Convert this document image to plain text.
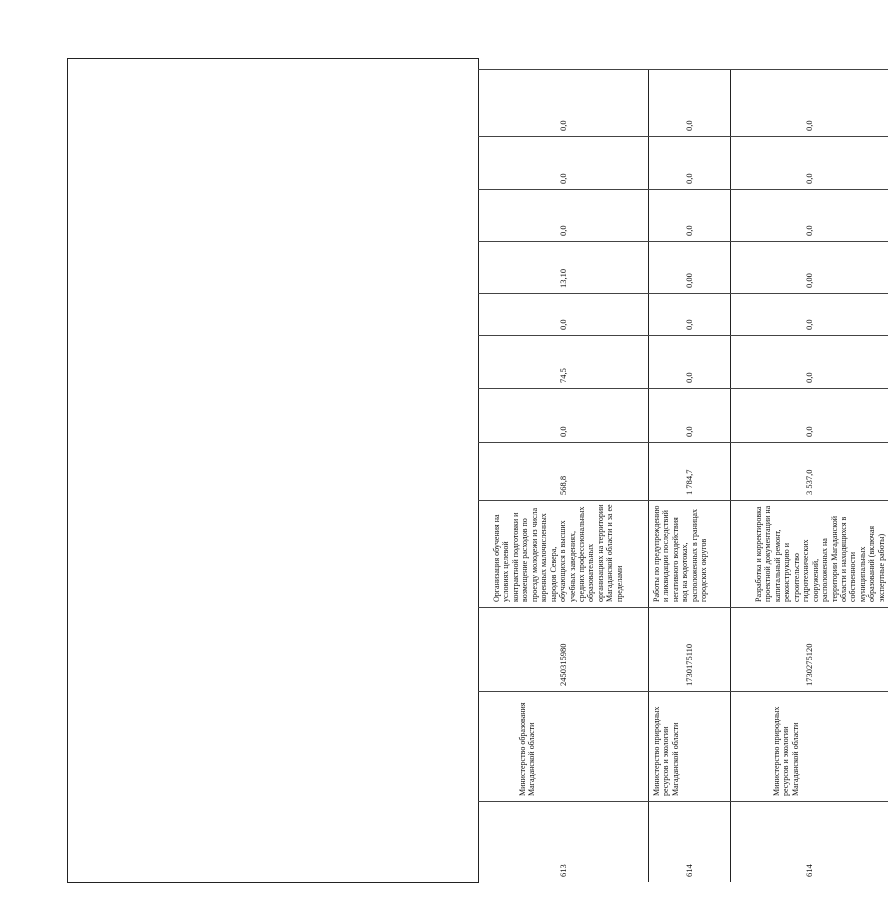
613
Министерство образования Магаданской области
2450315980
Организация обучения на условиях целевой контрактной подготовки и возмещение расходов по проезду молодежи из числа коренных малочисленных народов Севера, обучающихся в высших учебных заведениях, средних профессиональных образовательных организациях на территории Магаданской области и за ее пределами
568,8
0,0
74,5
0,0
13,10
0,0
0,0
0,0
614
Министерство природных ресурсов и экологии Магаданской области
1730175110
Работы по предупреждению и ликвидации последствий негативного воздействия вод на водотоках, расположенных в границах городских округов
1 784,7
0,0
0,0
0,0
0,00
0,0
0,0
0,0
614
Министерство природных ресурсов и экологии Магаданской области
1730275120
Разработка и корректировка проектной документации на капитальный ремонт, реконструкцию и строительство гидротехнических сооружений, расположенных на территории Магаданской области и находящихся в собственности муниципальных образований (включая экспертные работы)
3 537,0
0,0
0,0
0,0
0,00
0,0
0,0
0,0
